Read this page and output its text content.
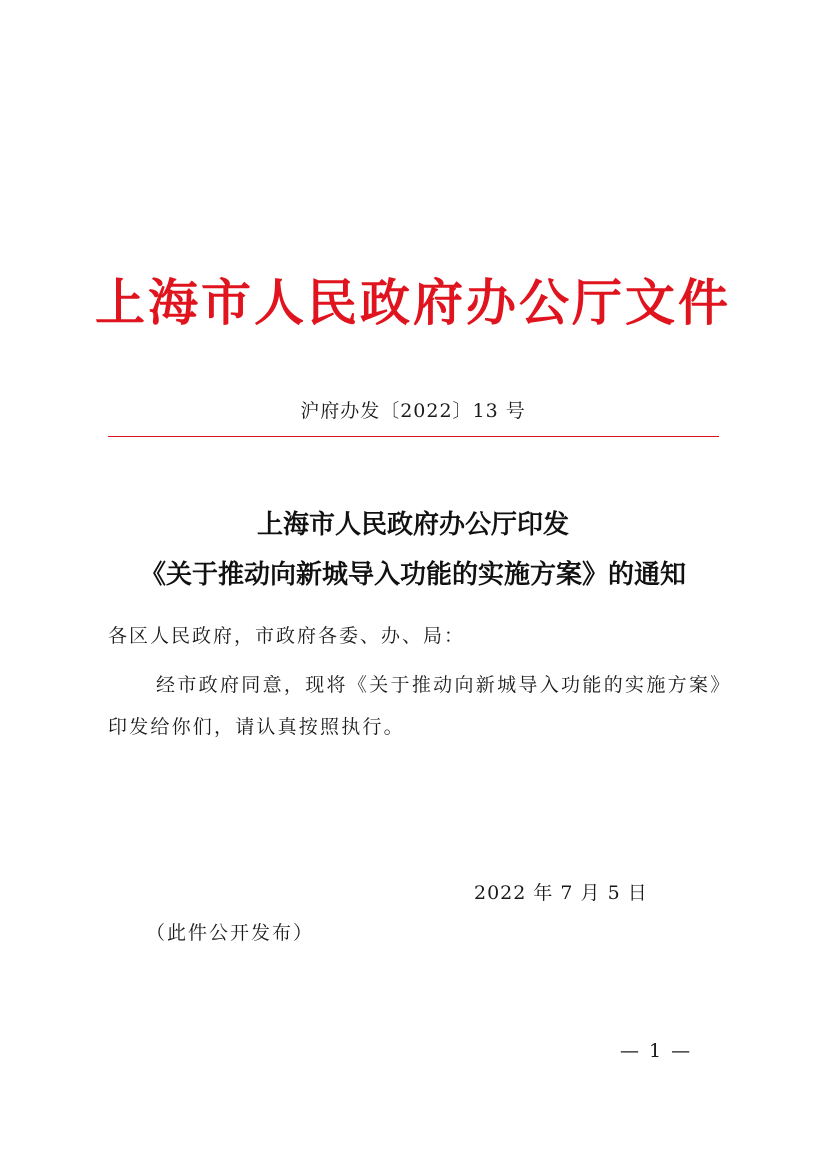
上海市人民政府办公厅文件
沪府办发〔2022〕13 号
上海市人民政府办公厅印发
《关于推动向新城导入功能的实施方案》的通知
各区人民政府，市政府各委、办、局：
经市政府同意，现将《关于推动向新城导入功能的实施方案》印发给你们，请认真按照执行。
2022 年 7 月 5 日
（此件公开发布）
— 1 —
